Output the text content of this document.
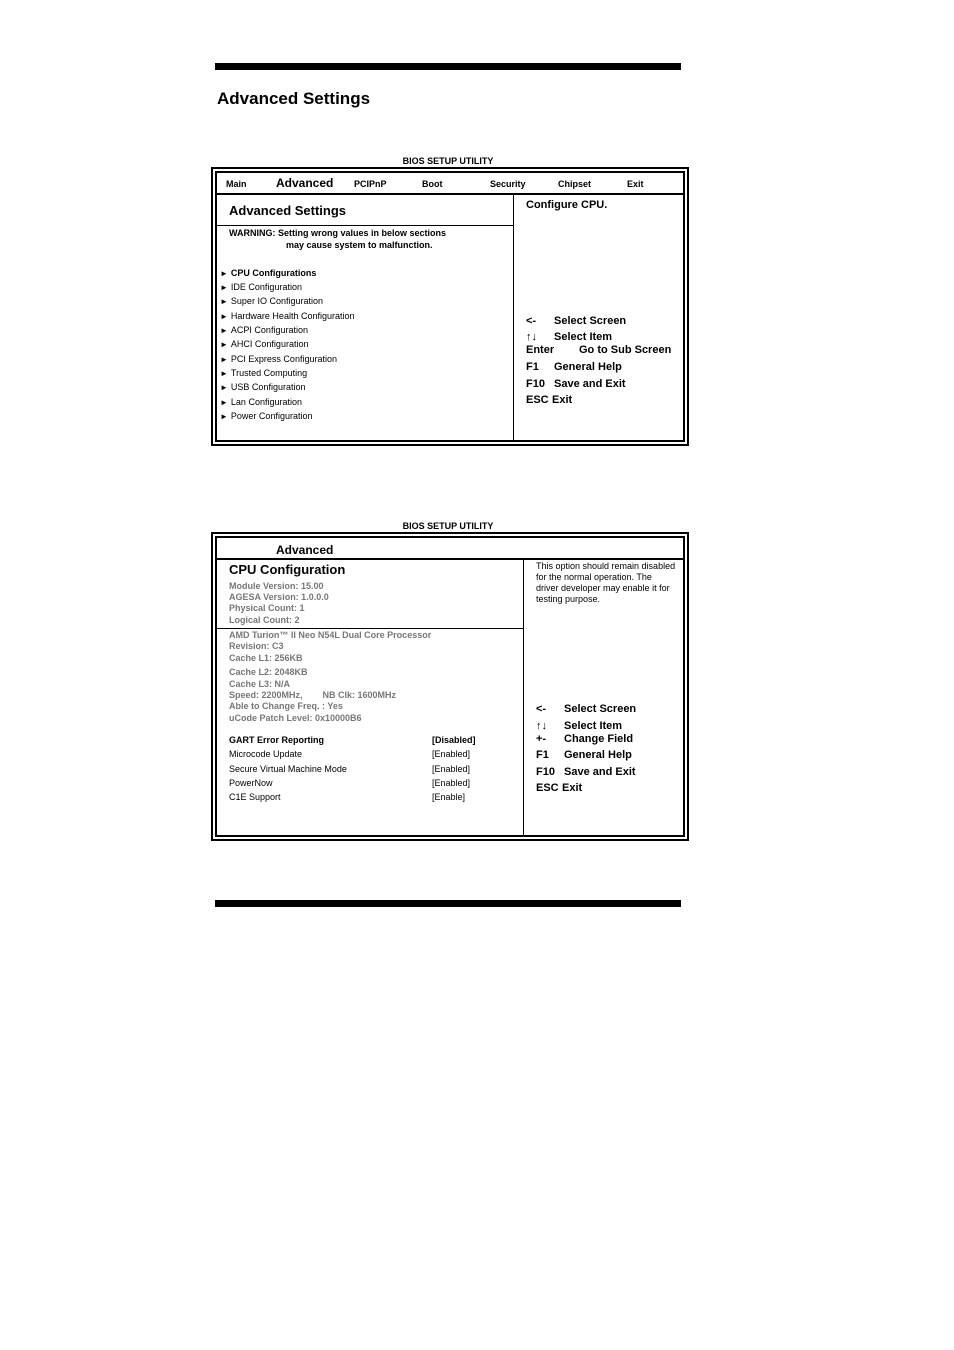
Advanced Settings
BIOS SETUP UTILITY
Main Advanced PCIPnP	Boot	Security	Chipset	Exit
Advanced Settings
WARNING: Setting wrong values in below sections
may cause system to malfunction.
► CPU Configurations
► IDE Configuration
► Super IO Configuration
► Hardware Health Configuration
► ACPI Configuration
► AHCI Configuration
► PCI Express Configuration
► Trusted Computing
► USB Configuration
► Lan Configuration
► Power Configuration
Configure CPU.
<- Select Screen
↑↓ Select Item
Enter Go to Sub Screen
F1 General Help
F10 Save and Exit
ESC Exit
BIOS SETUP UTILITY
Advanced
CPU Configuration
Module Version: 15.00
AGESA Version: 1.0.0.0
Physical Count: 1
Logical Count: 2
AMD Turion™ II Neo N54L Dual Core Processor
Revision: C3
Cache L1: 256KB
Cache L2: 2048KB
Cache L3: N/A
Speed: 2200MHz,        NB Clk: 1600MHz
Able to Change Freq. : Yes
uCode Patch Level: 0x10000B6
GART Error Reporting	[Disabled]
Microcode Update	[Enabled]
Secure Virtual Machine Mode	[Enabled]
PowerNow	[Enabled]
C1E Support	[Enable]
This option should remain disabled for the normal operation. The driver developer may enable it for testing purpose.
<- Select Screen
↑↓ Select Item
+- Change Field
F1 General Help
F10 Save and Exit
ESC Exit
